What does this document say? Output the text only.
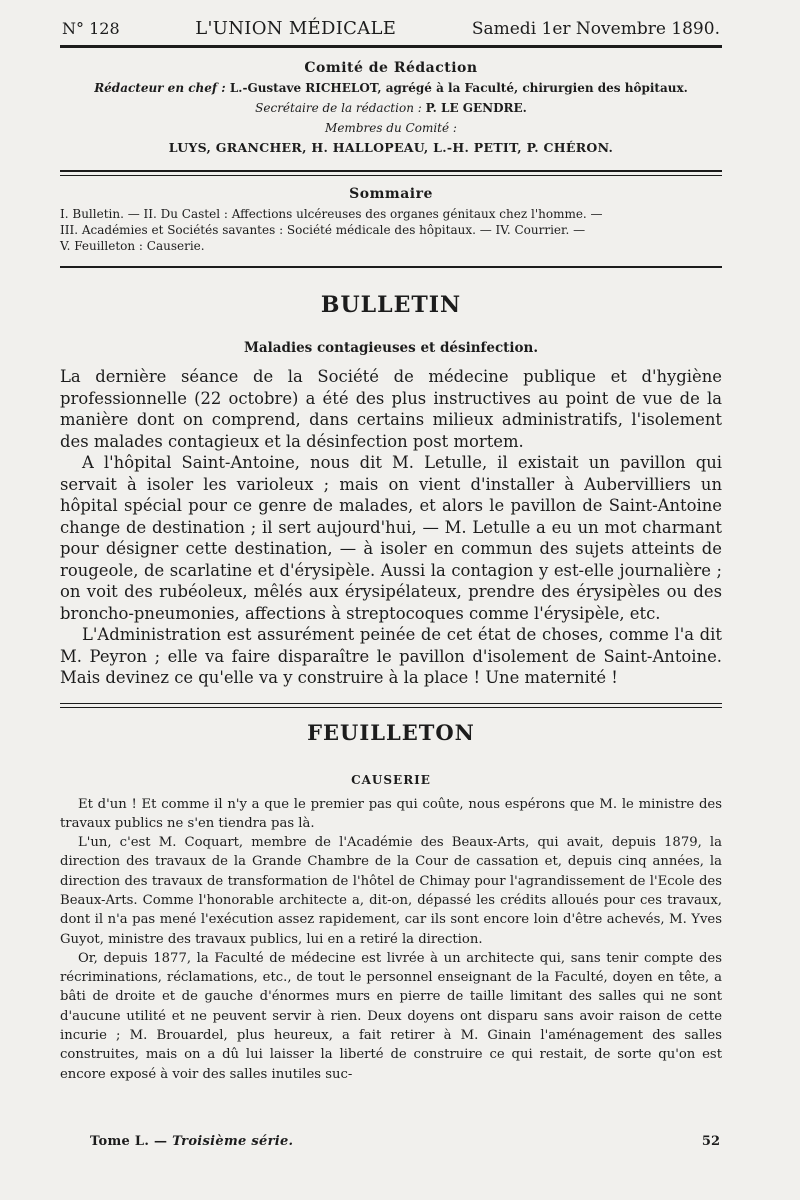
N° 128	L'UNION MÉDICALE	Samedi 1er Novembre 1890.
Comité de Rédaction
Rédacteur en chef : L.-Gustave RICHELOT, agrégé à la Faculté, chirurgien des hôpitaux.
Secrétaire de la rédaction : P. LE GENDRE.
Membres du Comité :
LUYS, GRANCHER, H. HALLOPEAU, L.-H. PETIT, P. CHÉRON.
Sommaire
I. Bulletin. — II. Du Castel : Affections ulcéreuses des organes génitaux chez l'homme. —
III. Académies et Sociétés savantes : Société médicale des hôpitaux. — IV. Courrier. —
V. Feuilleton : Causerie.
BULLETIN
Maladies contagieuses et désinfection.

La dernière séance de la Société de médecine publique et d'hygiène professionnelle (22 octobre) a été des plus instructives au point de vue de la manière dont on comprend, dans certains milieux administratifs, l'isolement des malades contagieux et la désinfection post mortem.

A l'hôpital Saint-Antoine, nous dit M. Letulle, il existait un pavillon qui servait à isoler les varioleux ; mais on vient d'installer à Aubervilliers un hôpital spécial pour ce genre de malades, et alors le pavillon de Saint-Antoine change de destination ; il sert aujourd'hui, — M. Letulle a eu un mot charmant pour désigner cette destination, — à isoler en commun des sujets atteints de rougeole, de scarlatine et d'érysipèle. Aussi la contagion y est-elle journalière ; on voit des rubéoleux, mêlés aux érysipélateux, prendre des érysipèles ou des broncho-pneumonies, affections à streptocoques comme l'érysipèle, etc.

L'Administration est assurément peinée de cet état de choses, comme l'a dit M. Peyron ; elle va faire disparaître le pavillon d'isolement de Saint-Antoine. Mais devinez ce qu'elle va y construire à la place ! Une maternité !

FEUILLETON
CAUSERIE

Et d'un ! Et comme il n'y a que le premier pas qui coûte, nous espérons que M. le ministre des travaux publics ne s'en tiendra pas là.

L'un, c'est M. Coquart, membre de l'Académie des Beaux-Arts, qui avait, depuis 1879, la direction des travaux de la Grande Chambre de la Cour de cassation et, depuis cinq années, la direction des travaux de transformation de l'hôtel de Chimay pour l'agrandissement de l'Ecole des Beaux-Arts. Comme l'honorable architecte a, dit-on, dépassé les crédits alloués pour ces travaux, dont il n'a pas mené l'exécution assez rapidement, car ils sont encore loin d'être achevés, M. Yves Guyot, ministre des travaux publics, lui en a retiré la direction.

Or, depuis 1877, la Faculté de médecine est livrée à un architecte qui, sans tenir compte des récriminations, réclamations, etc., de tout le personnel enseignant de la Faculté, doyen en tête, a bâti de droite et de gauche d'énormes murs en pierre de taille limitant des salles qui ne sont d'aucune utilité et ne peuvent servir à rien. Deux doyens ont disparu sans avoir raison de cette incurie ; M. Brouardel, plus heureux, a fait retirer à M. Ginain l'aménagement des salles construites, mais on a dû lui laisser la liberté de construire ce qui restait, de sorte qu'on est encore exposé à voir des salles inutiles suc-

Tome L. — Troisième série.	52
